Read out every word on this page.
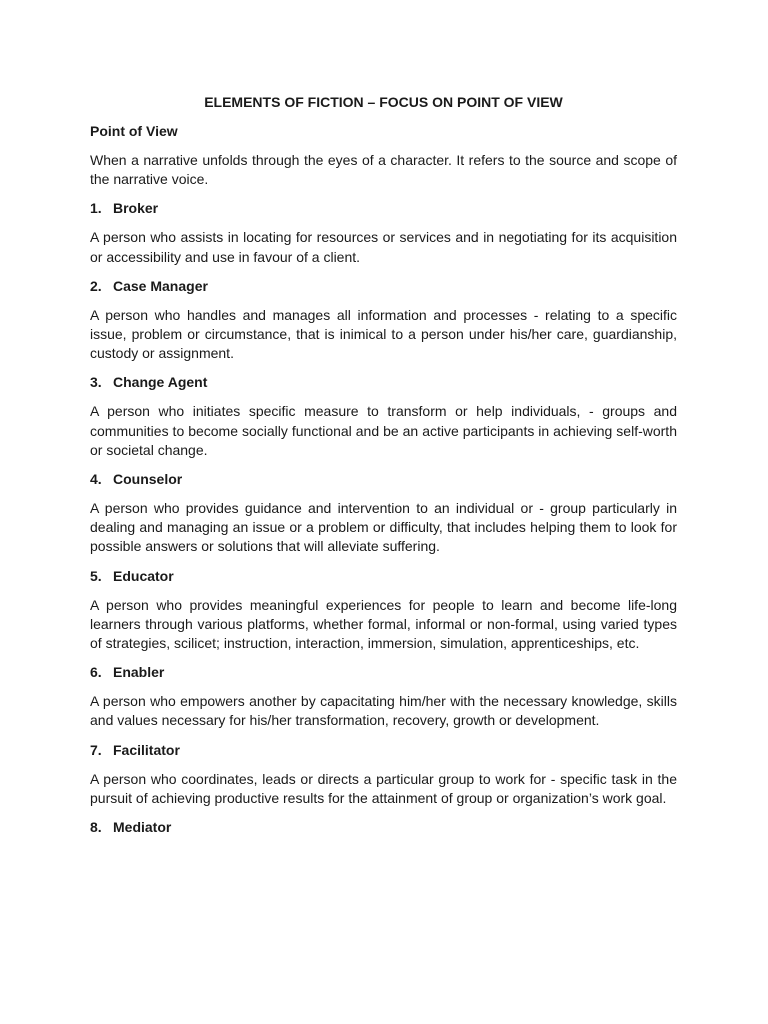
ELEMENTS OF FICTION – FOCUS ON POINT OF VIEW
Point of View
When a narrative unfolds through the eyes of a character. It refers to the source and scope of the narrative voice.
1. Broker
A person who assists in locating for resources or services and in negotiating for its acquisition or accessibility and use in favour of a client.
2. Case Manager
A person who handles and manages all information and processes - relating to a specific issue, problem or circumstance, that is inimical to a person under his/her care, guardianship, custody or assignment.
3. Change Agent
A person who initiates specific measure to transform or help individuals, - groups and communities to become socially functional and be an active participants in achieving self-worth or societal change.
4. Counselor
A person who provides guidance and intervention to an individual or - group particularly in dealing and managing an issue or a problem or difficulty, that includes helping them to look for possible answers or solutions that will alleviate suffering.
5. Educator
A person who provides meaningful experiences for people to learn and become life-long learners through various platforms, whether formal, informal or non-formal, using varied types of strategies, scilicet; instruction, interaction, immersion, simulation, apprenticeships, etc.
6. Enabler
A person who empowers another by capacitating him/her with the necessary knowledge, skills and values necessary for his/her transformation, recovery, growth or development.
7. Facilitator
A person who coordinates, leads or directs a particular group to work for - specific task in the pursuit of achieving productive results for the attainment of group or organization’s work goal.
8. Mediator
